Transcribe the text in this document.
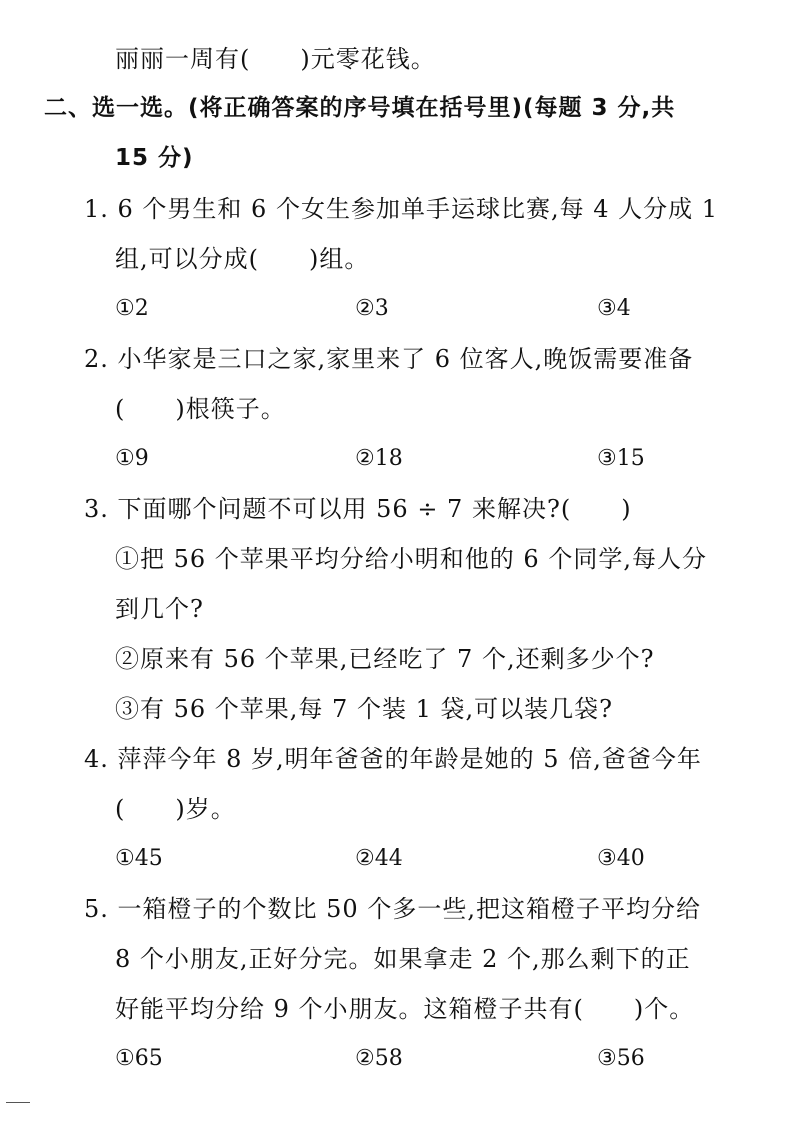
丽丽一周有(　　)元零花钱。
二、选一选。(将正确答案的序号填在括号里)(每题 3 分,共
15 分)
1. 6 个男生和 6 个女生参加单手运球比赛,每 4 人分成 1
组,可以分成(　　)组。
①2	②3	③4
2. 小华家是三口之家,家里来了 6 位客人,晚饭需要准备
(　　)根筷子。
①9	②18	③15
3. 下面哪个问题不可以用 56 ÷ 7 来解决?(　　)
①把 56 个苹果平均分给小明和他的 6 个同学,每人分
到几个?
②原来有 56 个苹果,已经吃了 7 个,还剩多少个?
③有 56 个苹果,每 7 个装 1 袋,可以装几袋?
4. 萍萍今年 8 岁,明年爸爸的年龄是她的 5 倍,爸爸今年
(　　)岁。
①45	②44	③40
5. 一箱橙子的个数比 50 个多一些,把这箱橙子平均分给
8 个小朋友,正好分完。如果拿走 2 个,那么剩下的正
好能平均分给 9 个小朋友。这箱橙子共有(　　)个。
①65	②58	③56
